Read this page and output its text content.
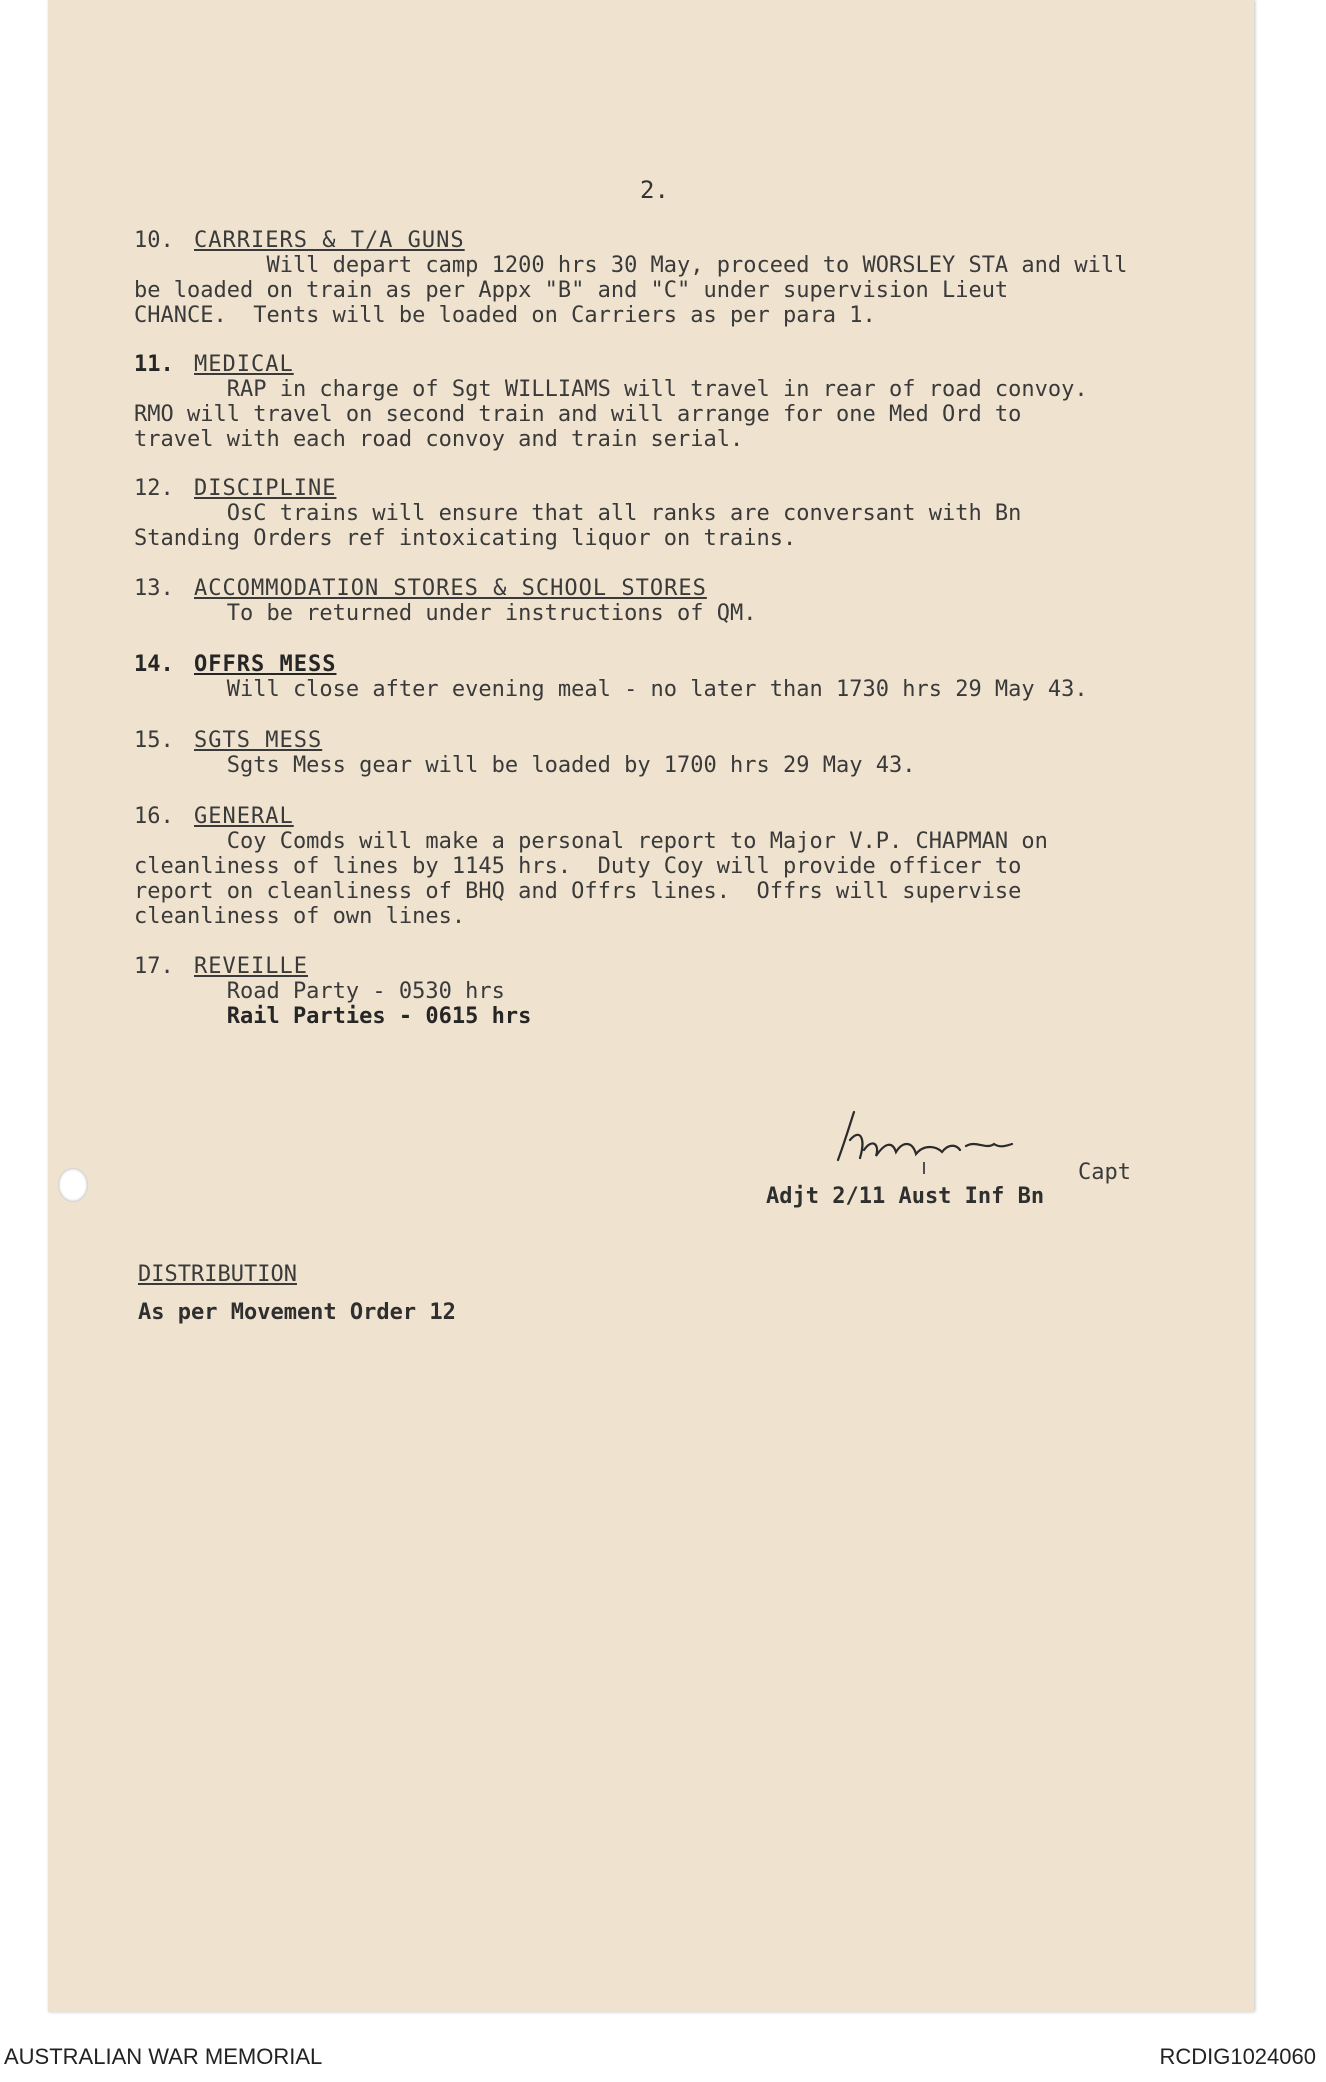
2.
10. CARRIERS & T/A GUNS
Will depart camp 1200 hrs 30 May, proceed to WORSLEY STA and will
be loaded on train as per Appx "B" and "C" under supervision Lieut
CHANCE.  Tents will be loaded on Carriers as per para 1.
11. MEDICAL
RAP in charge of Sgt WILLIAMS will travel in rear of road convoy.
RMO will travel on second train and will arrange for one Med Ord to
travel with each road convoy and train serial.
12. DISCIPLINE
OsC trains will ensure that all ranks are conversant with Bn
Standing Orders ref intoxicating liquor on trains.
13. ACCOMMODATION STORES & SCHOOL STORES
To be returned under instructions of QM.
14. OFFRS MESS
Will close after evening meal - no later than 1730 hrs 29 May 43.
15. SGTS MESS
Sgts Mess gear will be loaded by 1700 hrs 29 May 43.
16. GENERAL
Coy Comds will make a personal report to Major V.P. CHAPMAN on
cleanliness of lines by 1145 hrs.  Duty Coy will provide officer to
report on cleanliness of BHQ and Offrs lines.  Offrs will supervise
cleanliness of own lines.
17. REVEILLE
Road Party - 0530 hrs
Rail Parties - 0615 hrs
Capt
Adjt 2/11 Aust Inf Bn
DISTRIBUTION
As per Movement Order 12
AUSTRALIAN WAR MEMORIAL	RCDIG1024060
